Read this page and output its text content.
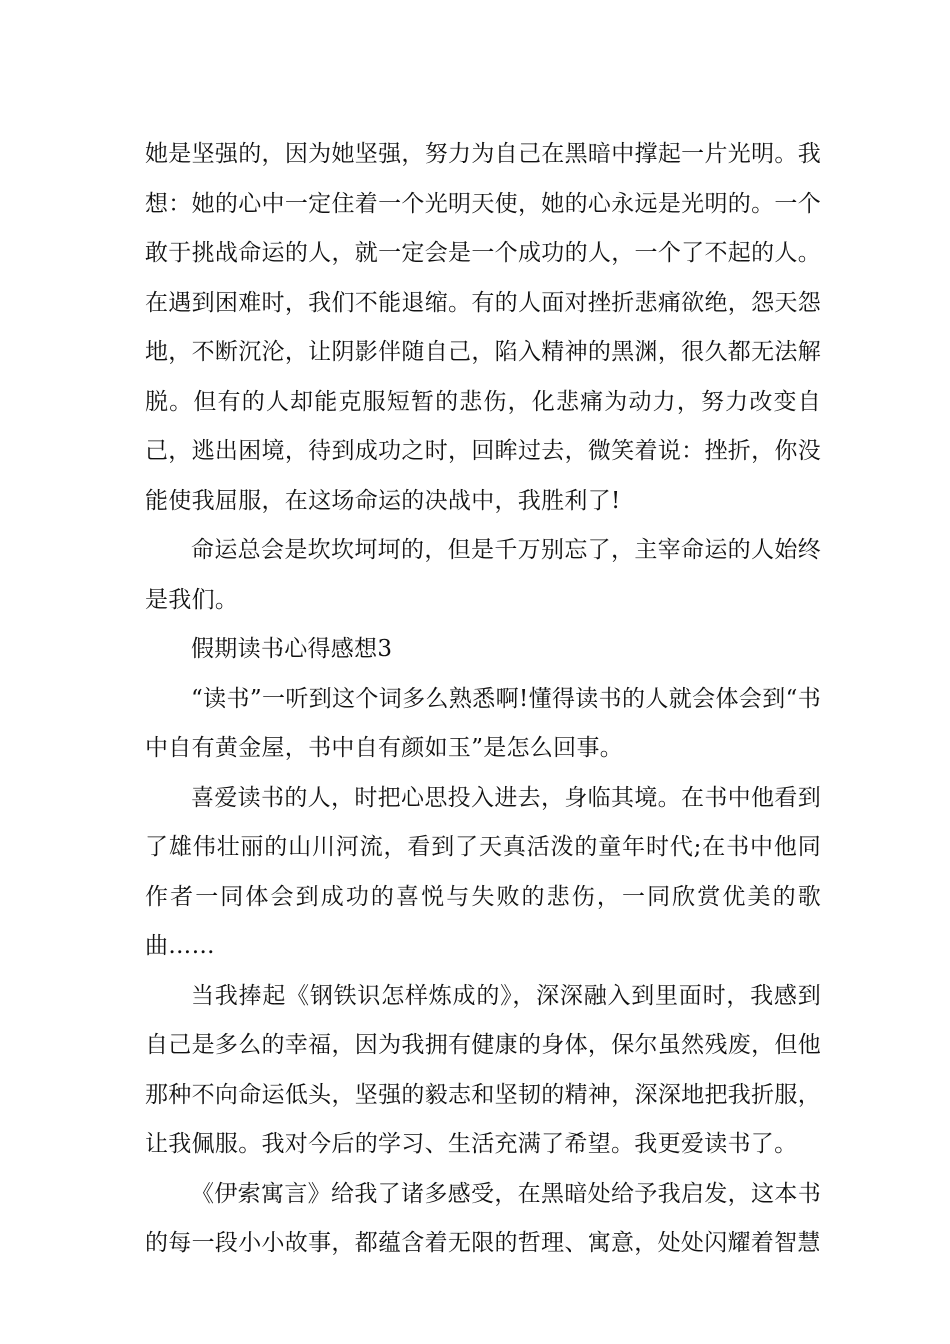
她是坚强的，因为她坚强，努力为自己在黑暗中撑起一片光明。我想：她的心中一定住着一个光明天使，她的心永远是光明的。一个敢于挑战命运的人，就一定会是一个成功的人，一个了不起的人。在遇到困难时，我们不能退缩。有的人面对挫折悲痛欲绝，怨天怨地，不断沉沦，让阴影伴随自己，陷入精神的黑渊，很久都无法解脱。但有的人却能克服短暂的悲伤，化悲痛为动力，努力改变自己，逃出困境，待到成功之时，回眸过去，微笑着说：挫折，你没能使我屈服，在这场命运的决战中，我胜利了!

命运总会是坎坎坷坷的，但是千万别忘了，主宰命运的人始终是我们。

假期读书心得感想3

“读书”一听到这个词多么熟悉啊!懂得读书的人就会体会到“书中自有黄金屋，书中自有颜如玉”是怎么回事。

喜爱读书的人，时把心思投入进去，身临其境。在书中他看到了雄伟壮丽的山川河流，看到了天真活泼的童年时代;在书中他同作者一同体会到成功的喜悦与失败的悲伤，一同欣赏优美的歌曲……

当我捧起《钢铁识怎样炼成的》，深深融入到里面时，我感到自己是多么的幸福，因为我拥有健康的身体，保尔虽然残废，但他那种不向命运低头，坚强的毅志和坚韧的精神，深深地把我折服，让我佩服。我对今后的学习、生活充满了希望。我更爱读书了。

《伊索寓言》给我了诸多感受，在黑暗处给予我启发，这本书的每一段小小故事，都蕴含着无限的哲理、寓意，处处闪耀着智慧
